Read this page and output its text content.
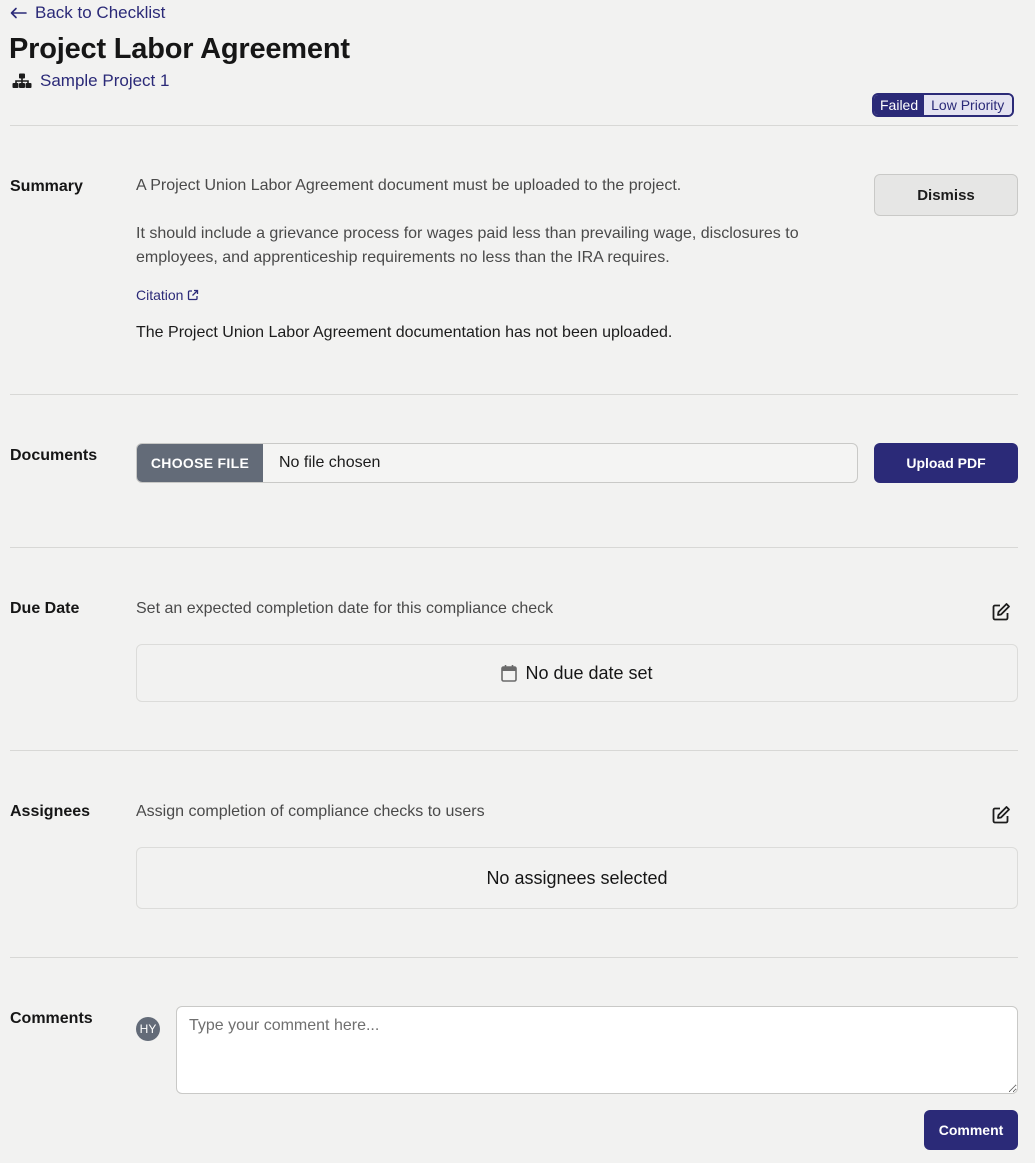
Back to Checklist
Project Labor Agreement
Sample Project 1
Failed Low Priority
Summary	A Project Union Labor Agreement document must be uploaded to the project.

It should include a grievance process for wages paid less than prevailing wage, disclosures to employees, and apprenticeship requirements no less than the IRA requires.

Citation

The Project Union Labor Agreement documentation has not been uploaded.

Dismiss
Documents	CHOOSE FILE	No file chosen	Upload PDF
Due Date	Set an expected completion date for this compliance check
No due date set
Assignees	Assign completion of compliance checks to users
No assignees selected
Comments
HY
Type your comment here...
Comment
